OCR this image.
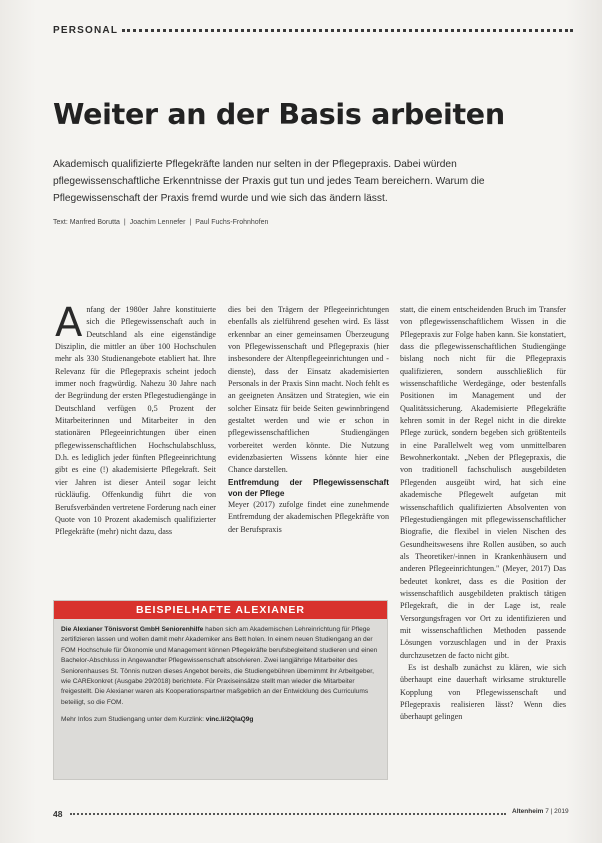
PERSONAL
Weiter an der Basis arbeiten

Akademisch qualifizierte Pflegekräfte landen nur selten in der Pflegepraxis. Dabei würden pflegewissenschaftliche Erkenntnisse der Praxis gut tun und jedes Team bereichern. Warum die Pflegewissenschaft der Praxis fremd wurde und wie sich das ändern lässt.

Text: Manfred Borutta | Joachim Lennefer | Paul Fuchs-Frohnhofen
A nfang der 1980er Jahre konstituierte sich die Pflegewissenschaft auch in Deutschland als eine eigenständige Disziplin, die mittler an über 100 Hochschulen mehr als 330 Studienangebote etabliert hat. Ihre Relevanz für die Pflegepraxis scheint jedoch immer noch fragwürdig. Nahezu 30 Jahre nach der Begründung der ersten Pflegestudiengänge in Deutschland verfügen 0,5 Prozent der Mitarbeiterinnen und Mitarbeiter in den stationären Pflegeeinrichtungen über einen pflegewissenschaftlichen Hochschulabschluss, D.h. es lediglich jeder fünften Pflegeeinrichtung gibt es eine (!) akademisierte Pflegekraft. Seit vier Jahren ist dieser Anteil sogar leicht rückläufig. Offenkundig führt die von Berufsverbänden vertretene Forderung nach einer Quote von 10 Prozent akademisch qualifizierter Pflegekräfte (mehr) nicht dazu, dass

dies bei den Trägern der Pflegeeinrichtungen ebenfalls als zielführend gesehen wird. Es lässt erkennbar an einer gemeinsamen Überzeugung von Pflegewissenschaft und Pflegepraxis (hier insbesondere der Altenpflegeeinrichtungen und -dienste), dass der Einsatz akademisierten Personals in der Praxis Sinn macht. Noch fehlt es an geeigneten Ansätzen und Strategien, wie ein solcher Einsatz für beide Seiten gewinnbringend gestaltet werden und wie er schon in pflegewissenschaftlichen Studiengängen vorbereitet werden könnte. Die Nutzung evidenzbasierten Wissens könnte hier eine Chance darstellen.

Entfremdung der Pflegewissenschaft von der Pflege

Meyer (2017) zufolge findet eine zunehmende Entfremdung der akademischen Pflegekräfte von der Berufspraxis

statt, die einem entscheidenden Bruch im Transfer von pflegewissenschaftlichem Wissen in die Pflegepraxis zur Folge haben kann. Sie konstatiert, dass die pflegewissenschaftlichen Studiengänge bislang noch nicht für die Pflegepraxis qualifizieren, sondern ausschließlich für wissenschaftliche Werdegänge, oder bestenfalls Positionen im Management und der Qualitätssicherung. Akademisierte Pflegekräfte kehren somit in der Regel nicht in die direkte Pflege zurück, sondern begeben sich größtenteils in eine Parallelwelt weg vom unmittelbaren Bewohnerkontakt. „Neben der Pflegepraxis, die von traditionell fachschulisch ausgebildeten Pflegenden ausgeübt wird, hat sich eine akademische Pflegewelt aufgetan mit wissenschaftlich qualifizierten Absolventen von Pflegestudiengängen mit pflegewissenschaftlicher Biografie, die flexibel in vielen Nischen des Gesundheitswesens ihre Rollen ausüben, so auch als Theoretiker/-innen in Krankenhäusern und anderen Pflegeeinrichtungen." (Meyer, 2017) Das bedeutet konkret, dass es die Position der wissenschaftlich ausgebildeten praktisch tätigen Pflegekraft, die in der Lage ist, reale Versorgungsfragen vor Ort zu identifizieren und mit wissenschaftlichen Methoden passende Lösungen vorzuschlagen und in der Praxis durchzusetzen de facto nicht gibt.

Es ist deshalb zunächst zu klären, wie sich überhaupt eine dauerhaft wirksame strukturelle Kopplung von Pflegewissenschaft und Pflegepraxis realisieren lässt? Wenn dies überhaupt gelingen

BEISPIELHAFTE ALEXIANER

Die Alexianer Tönisvorst GmbH Seniorenhilfe haben sich am Akademischen Lehreinrichtung für Pflege zertifizieren lassen und wollen damit mehr Akademiker ans Bett holen. In einem neuen Studiengang an der FOM Hochschule für Ökonomie und Management können Pflegekräfte berufsbegleitend studieren und einen Bachelor-Abschluss in Angewandter Pflegewissenschaft absolvieren. Zwei langjährige Mitarbeiter des Seniorenhauses St. Tönnis nutzen dieses Angebot bereits, die Studiengebühren übernimmt ihr Arbeitgeber, wie CAREkonkret (Ausgabe 29/2018) berichtete. Für Praxiseinsätze stellt man wieder die Mitarbeiter freigestellt. Die Alexianer waren als Kooperationspartner maßgeblich an der Entwicklung des Curriculums beteiligt, so die FOM.

Mehr Infos zum Studiengang unter dem Kurzlink: vinc.li/2QIaQ9g

48	Altenheim 7 | 2019
